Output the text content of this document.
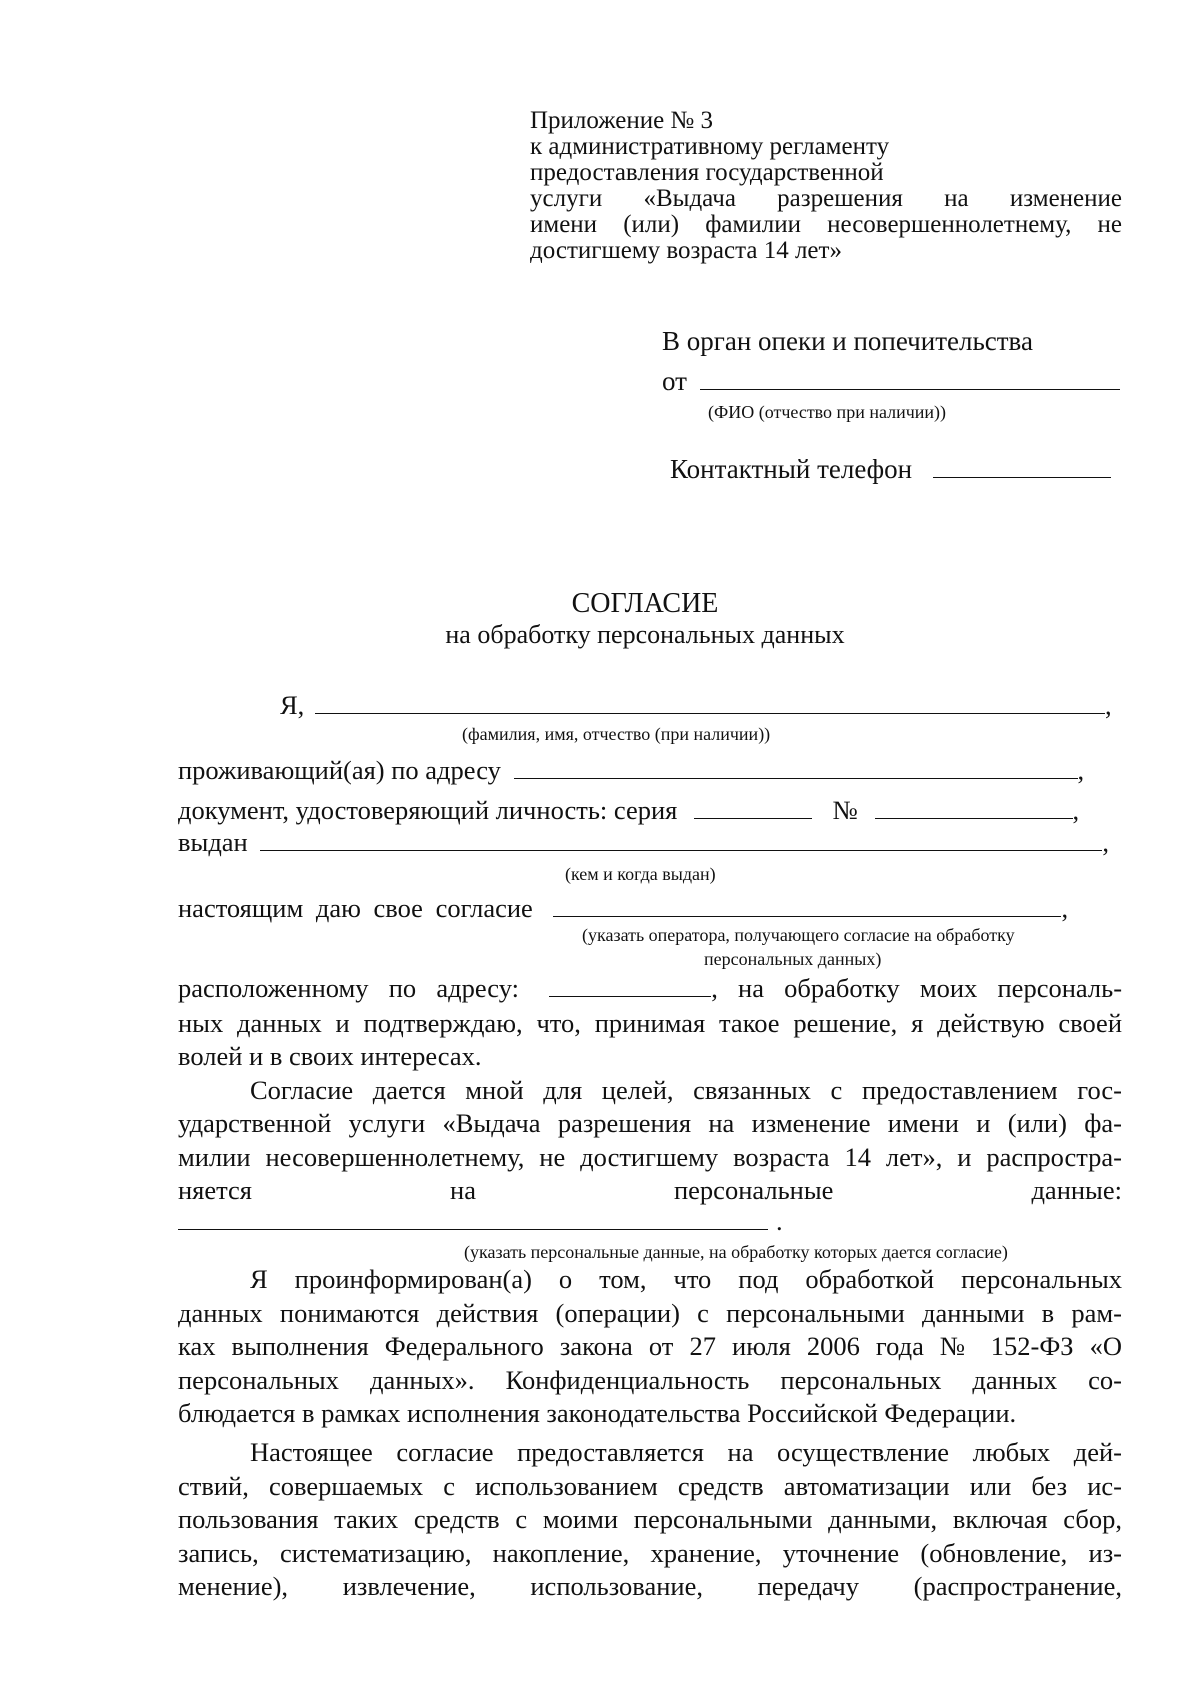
Приложение № 3
к административному регламенту
предоставления государственной
услуги «Выдача разрешения на изменение
имени (или) фамилии несовершеннолетнему, не
достигшему возраста 14 лет»
В орган опеки и попечительства
от
(ФИО (отчество при наличии))
Контактный телефон
СОГЛАСИЕ
на обработку персональных данных
Я,	,
(фамилия, имя, отчество (при наличии))
проживающий(ая) по адресу	,
документ, удостоверяющий личность: серия	№	,
выдан	,
(кем и когда выдан)
настоящим даю свое согласие	,
(указать оператора, получающего согласие на обработку
персональных данных)
расположенному по адресу:	, на обработку моих персональ-
ных данных и подтверждаю, что, принимая такое решение, я действую своей
волей и в своих интересах.
Согласие дается мной для целей, связанных с предоставлением гос-
ударственной услуги «Выдача разрешения на изменение имени и (или) фа-
милии несовершеннолетнему, не достигшему возраста 14 лет», и распростра-
няется	на	персональные	данные:
.
(указать персональные данные, на обработку которых дается согласие)
Я проинформирован(а) о том, что под обработкой персональных
данных понимаются действия (операции) с персональными данными в рам-
ках выполнения Федерального закона от 27 июля 2006 года № 152-ФЗ «О
персональных данных». Конфиденциальность персональных данных со-
блюдается в рамках исполнения законодательства Российской Федерации.
Настоящее согласие предоставляется на осуществление любых дей-
ствий, совершаемых с использованием средств автоматизации или без ис-
пользования таких средств с моими персональными данными, включая сбор,
запись, систематизацию, накопление, хранение, уточнение (обновление, из-
менение), извлечение, использование, передачу (распространение,
